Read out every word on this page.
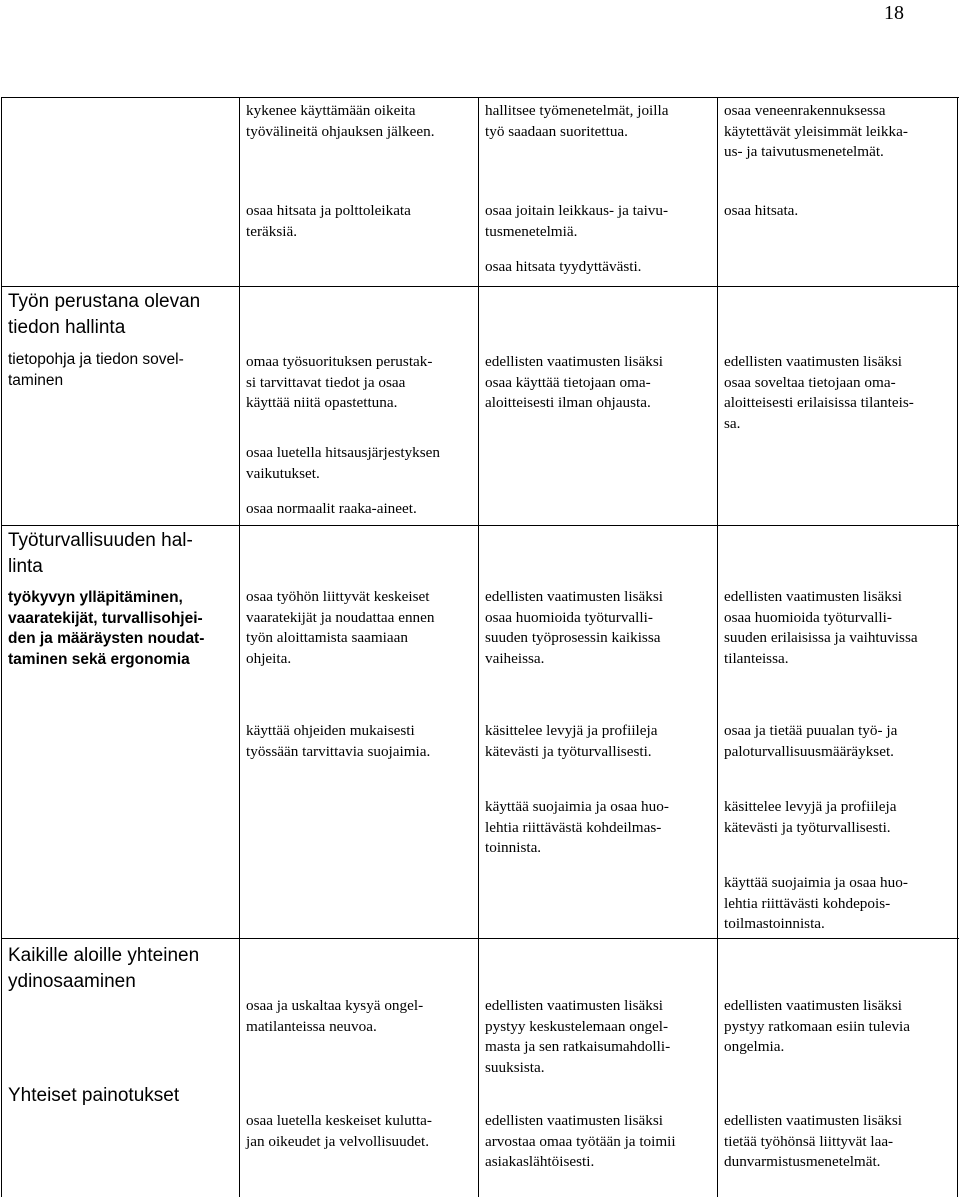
18
kykenee käyttämään oikeita
työvälineitä ohjauksen jälkeen.
osaa hitsata ja polttoleikata
teräksiä.
hallitsee työmenetelmät, joilla
työ saadaan suoritettua.
osaa joitain leikkaus- ja taivu-
tusmenetelmiä.
osaa hitsata tyydyttävästi.
osaa veneenrakennuksessa
käytettävät yleisimmät leikka-
us- ja taivutusmenetelmät.
osaa hitsata.
Työn perustana olevan
tiedon hallinta
tietopohja ja tiedon sovel-
taminen
omaa työsuorituksen perustak-
si tarvittavat tiedot ja osaa
käyttää niitä opastettuna.
osaa luetella hitsausjärjestyksen
vaikutukset.
osaa normaalit raaka-aineet.
edellisten vaatimusten lisäksi
osaa käyttää tietojaan oma-
aloitteisesti ilman ohjausta.
edellisten vaatimusten lisäksi
osaa soveltaa tietojaan oma-
aloitteisesti erilaisissa tilanteis-
sa.
Työturvallisuuden hal-
linta
työkyvyn ylläpitäminen,
vaaratekijät, turvallisohjei-
den ja määräysten noudat-
taminen sekä ergonomia
osaa työhön liittyvät keskeiset
vaaratekijät ja noudattaa ennen
työn aloittamista saamiaan
ohjeita.
käyttää ohjeiden mukaisesti
työssään tarvittavia suojaimia.
edellisten vaatimusten lisäksi
osaa huomioida työturvalli-
suuden työprosessin kaikissa
vaiheissa.
käsittelee levyjä ja profiileja
kätevästi ja työturvallisesti.
käyttää suojaimia ja osaa huo-
lehtia riittävästä kohdeilmas-
toinnista.
edellisten vaatimusten lisäksi
osaa huomioida työturvalli-
suuden erilaisissa ja vaihtuvissa
tilanteissa.
osaa ja tietää puualan työ- ja
paloturvallisuusmääräykset.
käsittelee levyjä ja profiileja
kätevästi ja työturvallisesti.
käyttää suojaimia ja osaa huo-
lehtia riittävästi kohdepois-
toilmastoinnista.
Kaikille aloille yhteinen
ydinosaaminen
Yhteiset painotukset
osaa ja uskaltaa kysyä ongel-
matilanteissa neuvoa.
osaa luetella keskeiset kulutta-
jan oikeudet ja velvollisuudet.
edellisten vaatimusten lisäksi
pystyy keskustelemaan ongel-
masta ja sen ratkaisumahdolli-
suuksista.
edellisten vaatimusten lisäksi
arvostaa omaa työtään ja toimii
asiakaslähtöisesti.
edellisten vaatimusten lisäksi
pystyy ratkomaan esiin tulevia
ongelmia.
edellisten vaatimusten lisäksi
tietää työhönsä liittyvät laa-
dunvarmistusmenetelmät.
